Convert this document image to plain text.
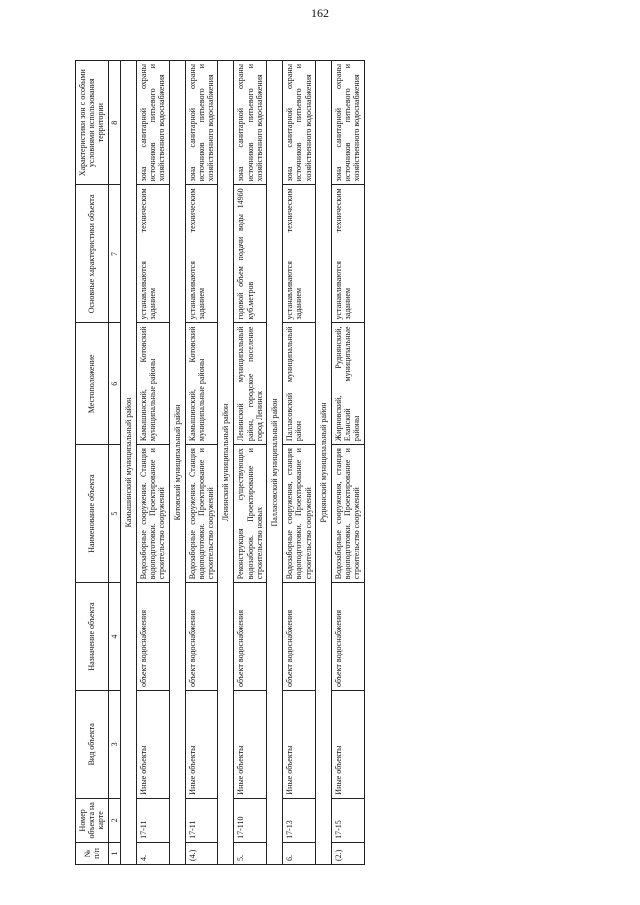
162
№ п/п	Номер объекта на карте	Вид объекта	Назначение объекта	Наименование объекта	Местоположение	Основные характеристики объекта	Характеристики зон с особыми условиями использования территории
1	2	3	4	5	6	7	8
Камышинский муниципальный район							
4.	17-11	Иные объекты	объект водоснабжения	Водозаборные сооружения. Станция водоподготовки. Проектирование и строительство сооружений	Камышинский, Котовский муниципальные районы	устанавливаются техническим заданием	зона санитарной охраны источников питьевого и хозяйственного водоснабжения
Котовский муниципальный район							
(4.)	17-11	Иные объекты	объект водоснабжения	Водозаборные сооружения. Станция водоподготовки. Проектирование и строительство сооружений	Камышинский, Котовский муниципальные районы	устанавливаются техническим заданием	зона санитарной охраны источников питьевого и хозяйственного водоснабжения
Ленинский муниципальный район							
5.	17-110	Иные объекты	объект водоснабжения	Реконструкция существующих водозаборов. Проектирование и строительство новых	Ленинский муниципальный район, городское поселение город Ленинск	годовой объем подачи воды 14960 куб.метров	зона санитарной охраны источников питьевого и хозяйственного водоснабжения
Палласовский муниципальный район							
6.	17-13	Иные объекты	объект водоснабжения	Водозаборные сооружения, станция водоподготовки. Проектирование и строительство сооружений	Палласовский муниципальный район	устанавливаются техническим заданием	зона санитарной охраны источников питьевого и хозяйственного водоснабжения
Руднянский муниципальный район							
(2.)	17-15	Иные объекты	объект водоснабжения	Водозаборные сооружения, станция водоподготовки. Проектирование и строительство сооружений	Жирновский, Руднянский, Еланский муниципальные районы	устанавливаются техническим заданием	зона санитарной охраны источников питьевого и хозяйственного водоснабжения
